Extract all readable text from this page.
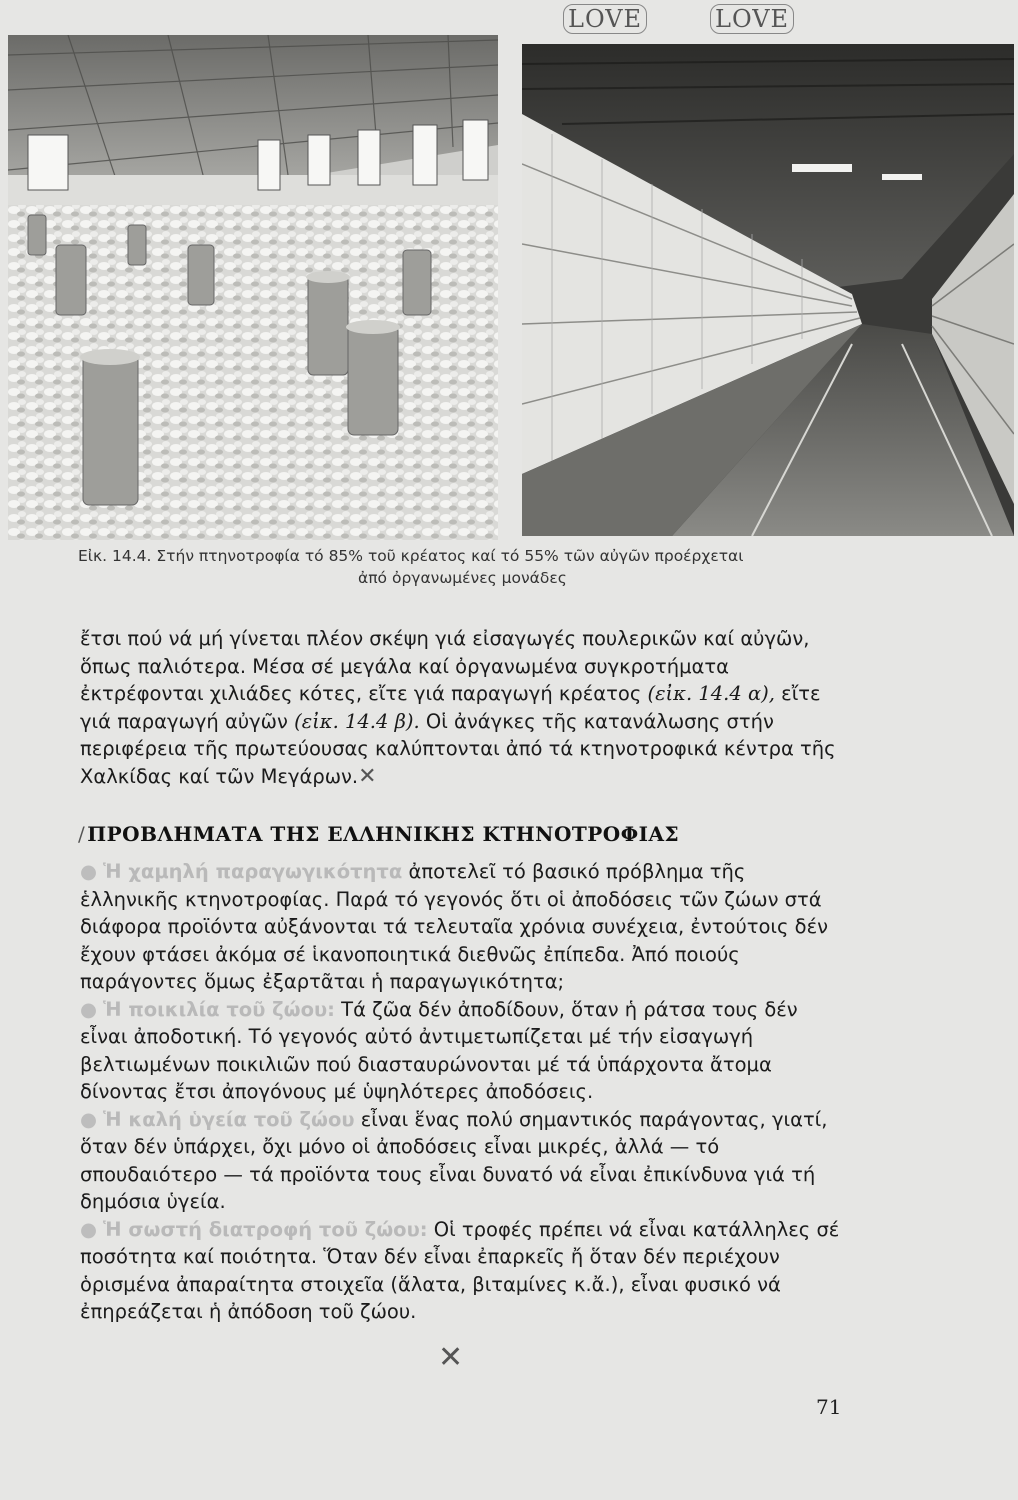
LOVE	LOVE
Εἰκ. 14.4. Στήν πτηνοτροφία τό 85% τοῦ κρέατος καί τό 55% τῶν αὐγῶν προέρχεται
ἀπό ὀργανωμένες μονάδες
ἔτσι πού νά μή γίνεται πλέον σκέψη γιά εἰσαγωγές πουλερικῶν καί αὐγῶν, ὅπως παλιότερα. Μέσα σέ μεγάλα καί ὀργανωμένα συγκροτήματα ἐκτρέφονται χιλιάδες κότες, εἴτε γιά παραγωγή κρέατος (εἰκ. 14.4 α), εἴτε γιά παραγωγή αὐγῶν (εἰκ. 14.4 β). Οἱ ἀνάγκες τῆς κατανάλωσης στήν περιφέρεια τῆς πρωτεύουσας καλύπτονται ἀπό τά κτηνοτροφικά κέντρα τῆς Χαλκίδας καί τῶν Μεγάρων.✕
/ ΠΡΟΒΛΗΜΑΤΑ ΤΗΣ ΕΛΛΗΝΙΚΗΣ ΚΤΗΝΟΤΡΟΦΙΑΣ

● Ἡ χαμηλή παραγωγικότητα ἀποτελεῖ τό βασικό πρόβλημα τῆς ἑλληνικῆς κτηνοτροφίας. Παρά τό γεγονός ὅτι οἱ ἀποδόσεις τῶν ζώων στά διάφορα προϊόντα αὐξάνονται τά τελευταῖα χρόνια συνέχεια, ἐντούτοις δέν ἔχουν φτάσει ἀκόμα σέ ἱκανοποιητικά διεθνῶς ἐπίπεδα. Ἀπό ποιούς παράγοντες ὅμως ἐξαρτᾶται ἡ παραγωγικότητα;

● Ἡ ποικιλία τοῦ ζώου: Τά ζῶα δέν ἀποδίδουν, ὅταν ἡ ράτσα τους δέν εἶναι ἀποδοτική. Τό γεγονός αὐτό ἀντιμετωπίζεται μέ τήν εἰσαγωγή βελτιωμένων ποικιλιῶν πού διασταυρώνονται μέ τά ὑπάρχοντα ἄτομα δίνοντας ἔτσι ἀπογόνους μέ ὑψηλότερες ἀποδόσεις.

● Ἡ καλή ὑγεία τοῦ ζώου εἶναι ἕνας πολύ σημαντικός παράγοντας, γιατί, ὅταν δέν ὑπάρχει, ὄχι μόνο οἱ ἀποδόσεις εἶναι μικρές, ἀλλά — τό σπουδαιότερο — τά προϊόντα τους εἶναι δυνατό νά εἶναι ἐπικίνδυνα γιά τή δημόσια ὑγεία.

● Ἡ σωστή διατροφή τοῦ ζώου: Οἱ τροφές πρέπει νά εἶναι κατάλληλες σέ ποσότητα καί ποιότητα. Ὅταν δέν εἶναι ἐπαρκεῖς ἤ ὅταν δέν περιέχουν ὁρισμένα ἀπαραίτητα στοιχεῖα (ἅλατα, βιταμίνες κ.ἄ.), εἶναι φυσικό νά ἐπηρεάζεται ἡ ἀπόδοση τοῦ ζώου.

✕
71
